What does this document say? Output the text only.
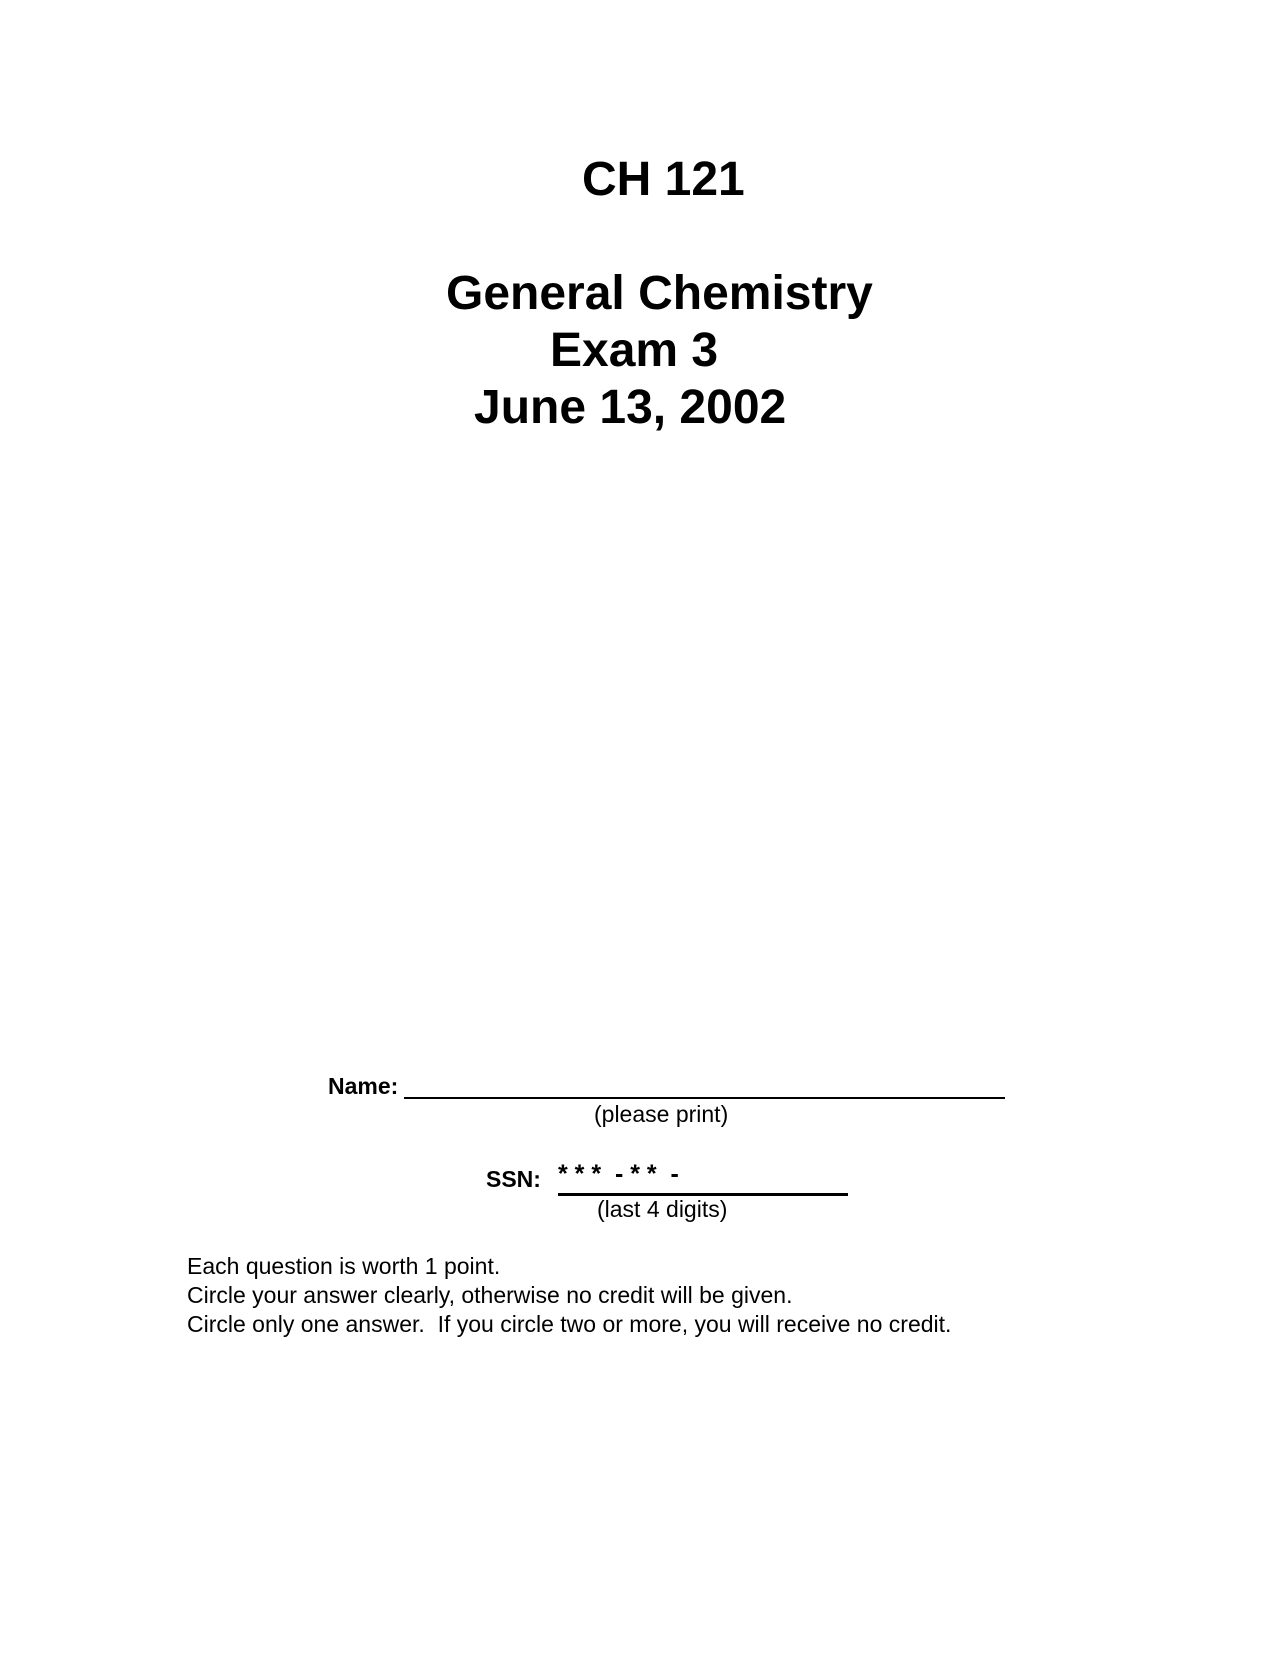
CH 121
General Chemistry
Exam 3
June 13, 2002
Name:
(please print)
SSN: * * *  - * *  -
(last 4 digits)
Each question is worth 1 point.
Circle your answer clearly, otherwise no credit will be given.
Circle only one answer.  If you circle two or more, you will receive no credit.
